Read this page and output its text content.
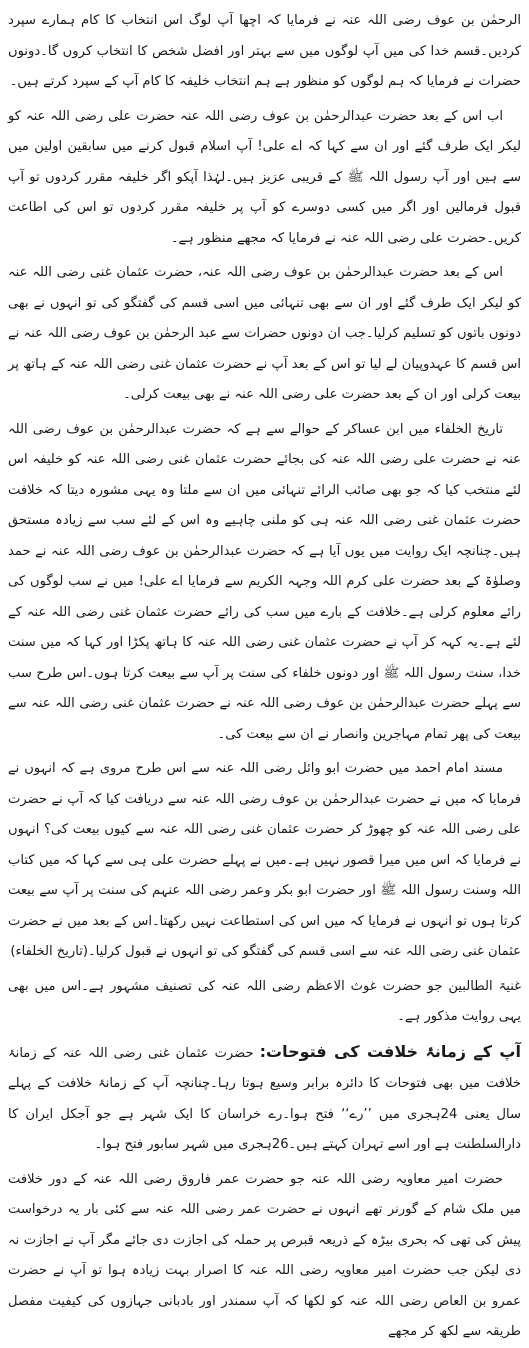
الرحمٰن بن عوف رضی اللہ عنہ نے فرمایا کہ اچھا آپ لوگ اس انتخاب کا کام ہمارے سپرد کردیں۔قسم خدا کی میں آپ لوگوں میں سے بہتر اور افضل شخص کا انتخاب کروں گا۔دونوں حضرات نے فرمایا کہ ہم لوگوں کو منظور ہے ہم انتخاب خلیفہ کا کام آپ کے سپرد کرتے ہیں۔

اب اس کے بعد حضرت عبدالرحمٰن بن عوف رضی اللہ عنہ حضرت علی رضی اللہ عنہ کو لیکر ایک طرف گئے اور ان سے کہا کہ اے علی! آپ اسلام قبول کرنے میں سابقین اولین میں سے ہیں اور آپ رسول اللہ ﷺ کے قریبی عزیز ہیں۔لہٰذا آپکو اگر خلیفہ مقرر کردوں تو آپ قبول فرمالیں اور اگر میں کسی دوسرے کو آپ پر خلیفہ مقرر کردوں تو اس کی اطاعت کریں۔حضرت علی رضی اللہ عنہ نے فرمایا کہ مجھے منظور ہے۔

اس کے بعد حضرت عبدالرحمٰن بن عوف رضی اللہ عنہ، حضرت عثمان غنی رضی اللہ عنہ کو لیکر ایک طرف گئے اور ان سے بھی تنہائی میں اسی قسم کی گفتگو کی تو انہوں نے بھی دونوں باتوں کو تسلیم کرلیا۔جب ان دونوں حضرات سے عبد الرحمٰن بن عوف رضی اللہ عنہ نے اس قسم کا عہدوپیان لے لیا تو اس کے بعد آپ نے حضرت عثمان غنی رضی اللہ عنہ کے ہاتھ پر بیعت کرلی اور ان کے بعد حضرت علی رضی اللہ عنہ نے بھی بیعت کرلی۔

تاریخ الخلفاء میں ابن عساکر کے حوالے سے ہے کہ حضرت عبدالرحمٰن بن عوف رضی اللہ عنہ نے حضرت علی رضی اللہ عنہ کی بجائے حضرت عثمان غنی رضی اللہ عنہ کو خلیفہ اس لئے منتخب کیا کہ جو بھی صائب الرائے تنہائی میں ان سے ملتا وہ یہی مشورہ دیتا کہ خلافت حضرت عثمان غنی رضی اللہ عنہ ہی کو ملنی چاہیے وہ اس کے لئے سب سے زیادہ مستحق ہیں۔چنانچہ ایک روایت میں یوں آیا ہے کہ حضرت عبدالرحمٰن بن عوف رضی اللہ عنہ نے حمد وصلوٰۃ کے بعد حضرت علی کرم اللہ وجہہ الکریم سے فرمایا اے علی! میں نے سب لوگوں کی رائے معلوم کرلی ہے۔خلافت کے بارے میں سب کی رائے حضرت عثمان غنی رضی اللہ عنہ کے لئے ہے۔یہ کہہ کر آپ نے حضرت عثمان غنی رضی اللہ عنہ کا ہاتھ پکڑا اور کہا کہ میں سنت خدا، سنت رسول اللہ ﷺ اور دونوں خلفاء کی سنت پر آپ سے بیعت کرتا ہوں۔اس طرح سب سے پہلے حضرت عبدالرحمٰن بن عوف رضی اللہ عنہ نے حضرت عثمان غنی رضی اللہ عنہ سے بیعت کی پھر تمام مہاجرین وانصار نے ان سے بیعت کی۔

مسند امام احمد میں حضرت ابو وائل رضی اللہ عنہ سے اس طرح مروی ہے کہ انہوں نے فرمایا کہ میں نے حضرت عبدالرحمٰن بن عوف رضی اللہ عنہ سے دریافت کیا کہ آپ نے حضرت علی رضی اللہ عنہ کو چھوڑ کر حضرت عثمان غنی رضی اللہ عنہ سے کیوں بیعت کی؟ انہوں نے فرمایا کہ اس میں میرا قصور نہیں ہے۔میں نے پہلے حضرت علی ہی سے کہا کہ میں کتاب اللہ وسنت رسول اللہ ﷺ اور حضرت ابو بکر وعمر رضی اللہ عنہم کی سنت پر آپ سے بیعت کرتا ہوں تو انہوں نے فرمایا کہ میں اس کی استطاعت نہیں رکھتا۔اس کے بعد میں نے حضرت عثمان غنی رضی اللہ عنہ سے اسی قسم کی گفتگو کی تو انہوں نے قبول کرلیا۔(تاریخ الخلفاء)

غنیۃ الطالبین جو حضرت غوث الاعظم رضی اللہ عنہ کی تصنیف مشہور ہے۔اس میں بھی یہی روایت مذکور ہے۔

آپ کے زمانۂ خلافت کی فتوحات: حضرت عثمان غنی رضی اللہ عنہ کے زمانۂ خلافت میں بھی فتوحات کا دائرہ برابر وسیع ہوتا رہا۔چنانچہ آپ کے زمانۂ خلافت کے پہلے سال یعنی 24ہجری میں ’’رے‘‘ فتح ہوا۔رے خراسان کا ایک شہر ہے جو آجکل ایران کا دارالسلطنت ہے اور اسے تہران کہتے ہیں۔26ہجری میں شہر سابور فتح ہوا۔

حضرت امیر معاویہ رضی اللہ عنہ جو حضرت عمر فاروق رضی اللہ عنہ کے دور خلافت میں ملک شام کے گورنر تھے انہوں نے حضرت عمر رضی اللہ عنہ سے کئی بار یہ درخواست پیش کی تھی کہ بحری بیڑہ کے ذریعہ قبرص پر حملہ کی اجازت دی جائے مگر آپ نے اجازت نہ دی لیکن جب حضرت امیر معاویہ رضی اللہ عنہ کا اصرار بہت زیادہ ہوا تو آپ نے حضرت عمرو بن العاص رضی اللہ عنہ کو لکھا کہ آپ سمندر اور بادبانی جہازوں کی کیفیت مفصل طریقہ سے لکھ کر مجھے
